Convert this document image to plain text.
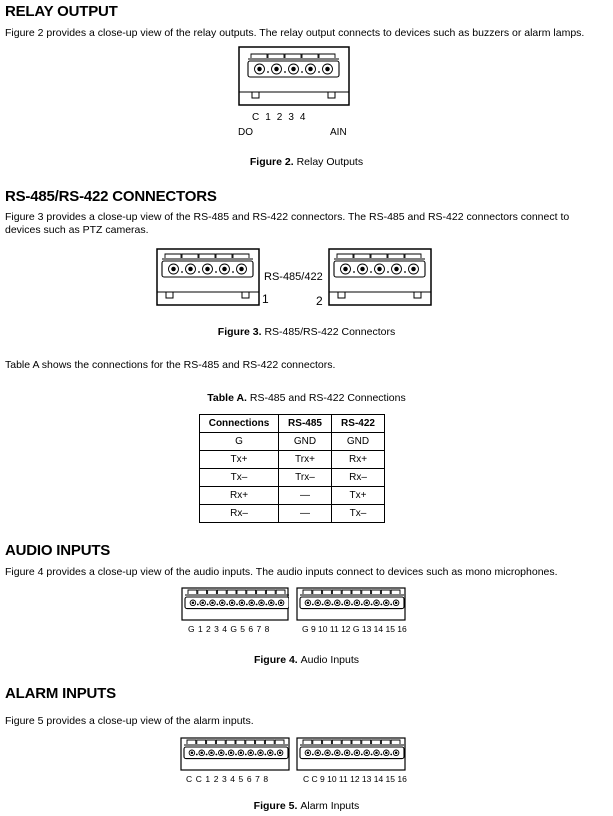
RELAY OUTPUT
Figure 2 provides a close-up view of the relay outputs. The relay output connects to devices such as buzzers or alarm lamps.
C1234
DO	AIN
Figure 2. Relay Outputs
RS-485/RS-422 CONNECTORS
Figure 3 provides a close-up view of the RS-485 and RS-422 connectors. The RS-485 and RS-422 connectors connect to devices such as PTZ cameras.
RS-485/422
1	2
Figure 3. RS-485/RS-422 Connectors
Table A shows the connections for the RS-485 and RS-422 connectors.
Table A. RS-485 and RS-422 Connections
Connections	RS-485	RS-422
G	GND	GND
Tx+	Trx+	Rx+
Tx–	Trx–	Rx–
Rx+	—	Tx+
Rx–	—	Tx–
AUDIO INPUTS
Figure 4 provides a close-up view of the audio inputs. The audio inputs connect to devices such as mono microphones.
G 1 2 3 4 G 5 6 7 8	G 9 10 11 12 G 13 14 15 16
Figure 4. Audio Inputs
ALARM INPUTS
Figure 5 provides a close-up view of the alarm inputs.
C C 1 2 3 4 5 6 7 8	C C 9 10 11 12 13 14 15 16
Figure 5. Alarm Inputs
